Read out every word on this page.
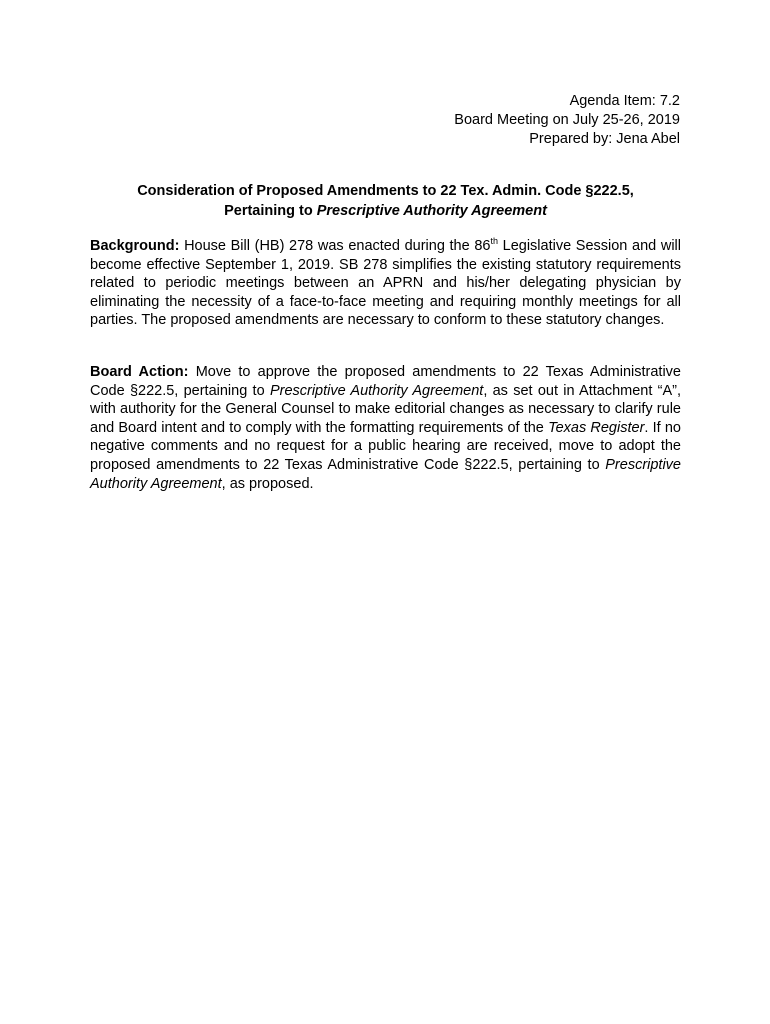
Agenda Item: 7.2
Board Meeting on July 25-26, 2019
Prepared by: Jena Abel
Consideration of Proposed Amendments to 22 Tex. Admin. Code §222.5,
Pertaining to Prescriptive Authority Agreement
Background: House Bill (HB) 278 was enacted during the 86th Legislative Session and will become effective September 1, 2019. SB 278 simplifies the existing statutory requirements related to periodic meetings between an APRN and his/her delegating physician by eliminating the necessity of a face-to-face meeting and requiring monthly meetings for all parties. The proposed amendments are necessary to conform to these statutory changes.
Board Action: Move to approve the proposed amendments to 22 Texas Administrative Code §222.5, pertaining to Prescriptive Authority Agreement, as set out in Attachment “A”, with authority for the General Counsel to make editorial changes as necessary to clarify rule and Board intent and to comply with the formatting requirements of the Texas Register. If no negative comments and no request for a public hearing are received, move to adopt the proposed amendments to 22 Texas Administrative Code §222.5, pertaining to Prescriptive Authority Agreement, as proposed.
